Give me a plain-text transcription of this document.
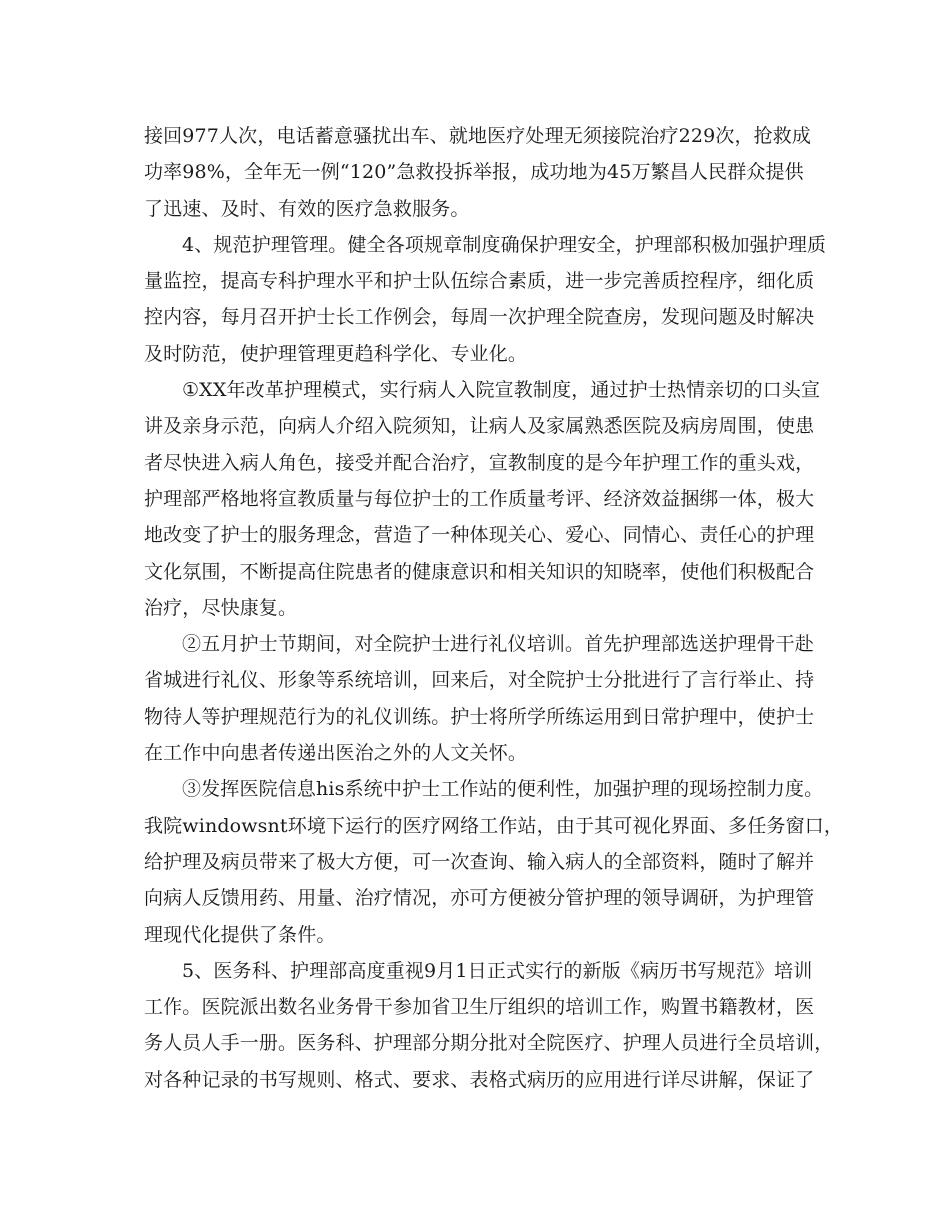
接回977人次，电话蓄意骚扰出车、就地医疗处理无须接院治疗229次，抢救成
功率98%，全年无一例“120”急救投拆举报，成功地为45万繁昌人民群众提供
了迅速、及时、有效的医疗急救服务。
4、规范护理管理。健全各项规章制度确保护理安全，护理部积极加强护理质
量监控，提高专科护理水平和护士队伍综合素质，进一步完善质控程序，细化质
控内容，每月召开护士长工作例会，每周一次护理全院查房，发现问题及时解决
及时防范，使护理管理更趋科学化、专业化。
①XX年改革护理模式，实行病人入院宣教制度，通过护士热情亲切的口头宣
讲及亲身示范，向病人介绍入院须知，让病人及家属熟悉医院及病房周围，使患
者尽快进入病人角色，接受并配合治疗，宣教制度的是今年护理工作的重头戏，
护理部严格地将宣教质量与每位护士的工作质量考评、经济效益捆绑一体，极大
地改变了护士的服务理念，营造了一种体现关心、爱心、同情心、责任心的护理
文化氛围，不断提高住院患者的健康意识和相关知识的知晓率，使他们积极配合
治疗，尽快康复。
②五月护士节期间，对全院护士进行礼仪培训。首先护理部选送护理骨干赴
省城进行礼仪、形象等系统培训，回来后，对全院护士分批进行了言行举止、持
物待人等护理规范行为的礼仪训练。护士将所学所练运用到日常护理中，使护士
在工作中向患者传递出医治之外的人文关怀。
③发挥医院信息his系统中护士工作站的便利性，加强护理的现场控制力度。
我院windowsnt环境下运行的医疗网络工作站，由于其可视化界面、多任务窗口，
给护理及病员带来了极大方便，可一次查询、输入病人的全部资料，随时了解并
向病人反馈用药、用量、治疗情况，亦可方便被分管护理的领导调研，为护理管
理现代化提供了条件。
5、医务科、护理部高度重视9月1日正式实行的新版《病历书写规范》培训
工作。医院派出数名业务骨干参加省卫生厅组织的培训工作，购置书籍教材，医
务人员人手一册。医务科、护理部分期分批对全院医疗、护理人员进行全员培训，
对各种记录的书写规则、格式、要求、表格式病历的应用进行详尽讲解，保证了
